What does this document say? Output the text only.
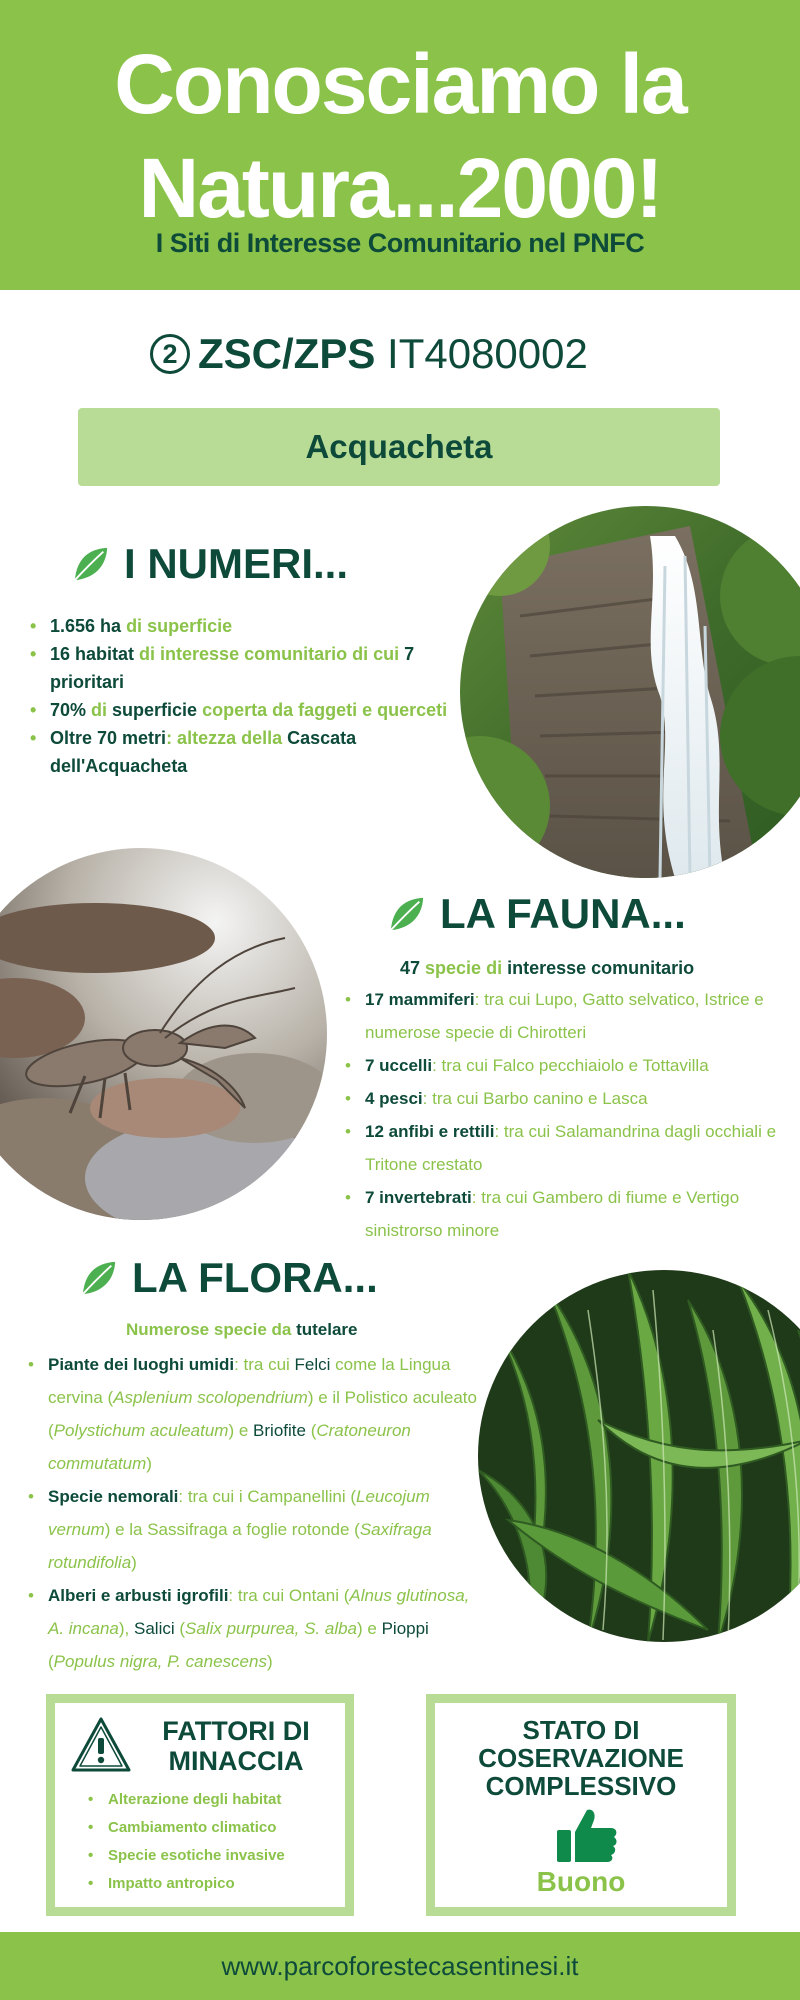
Conosciamo la
Natura...2000!
I Siti di Interesse Comunitario nel PNFC
2 ZSC/ZPS IT4080002
Acquacheta
I NUMERI...
• 1.656 ha di superficie
• 16 habitat di interesse comunitario di cui 7 prioritari
• 70% di superficie coperta da faggeti e querceti
• Oltre 70 metri: altezza della Cascata dell'Acquacheta
LA FAUNA...
47 specie di interesse comunitario
• 17 mammiferi: tra cui Lupo, Gatto selvatico, Istrice e numerose specie di Chirotteri
• 7 uccelli: tra cui Falco pecchiaiolo e Tottavilla
• 4 pesci: tra cui Barbo canino e Lasca
• 12 anfibi e rettili: tra cui Salamandrina dagli occhiali e Tritone crestato
• 7 invertebrati: tra cui Gambero di fiume e Vertigo sinistrorso minore
LA FLORA...
Numerose specie da tutelare
• Piante dei luoghi umidi: tra cui Felci come la Lingua cervina (Asplenium scolopendrium) e il Polistico aculeato (Polystichum aculeatum) e Briofite (Cratoneuron commutatum)
• Specie nemorali: tra cui i Campanellini (Leucojum vernum) e la Sassifraga a foglie rotonde (Saxifraga rotundifolia)
• Alberi e arbusti igrofili: tra cui Ontani (Alnus glutinosa, A. incana), Salici (Salix purpurea, S. alba) e Pioppi (Populus nigra, P. canescens)
FATTORI DI
MINACCIA
• Alterazione degli habitat
• Cambiamento climatico
• Specie esotiche invasive
• Impatto antropico
STATO DI
COSERVAZIONE
COMPLESSIVO
Buono
www.parcoforestecasentinesi.it
